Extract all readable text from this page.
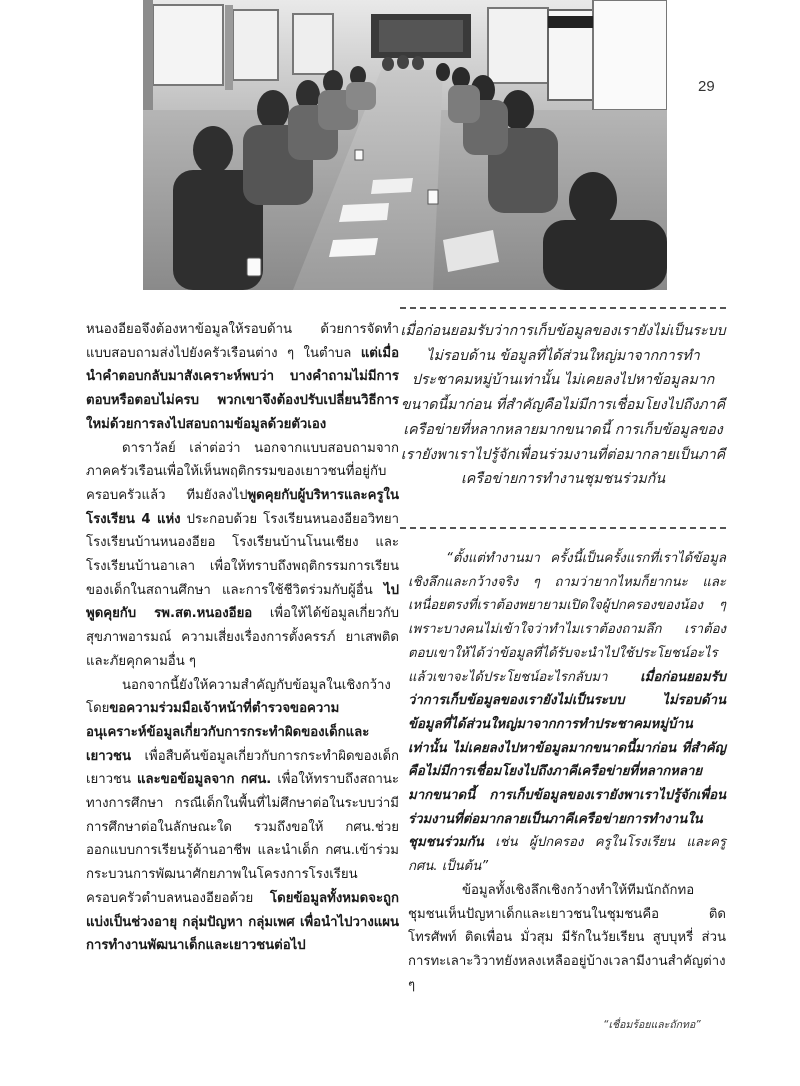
29

หนองอียอจึงต้องหาข้อมูลให้รอบด้าน ด้วยการจัดทำแบบสอบถามส่งไปยังครัวเรือนต่าง ๆ ในตำบล แต่เมื่อนำคำตอบกลับมาสังเคราะห์พบว่า บางคำถามไม่มีการตอบหรือตอบไม่ครบ พวกเขาจึงต้องปรับเปลี่ยนวิธีการใหม่ด้วยการลงไปสอบถามข้อมูลด้วยตัวเอง

ดาราวัลย์ เล่าต่อว่า นอกจากแบบสอบถามจากภาคครัวเรือนเพื่อให้เห็นพฤติกรรมของเยาวชนที่อยู่กับครอบครัวแล้ว ทีมยังลงไปพูดคุยกับผู้บริหารและครูในโรงเรียน 4 แห่ง ประกอบด้วย โรงเรียนหนองอียอวิทยา โรงเรียนบ้านหนองอียอ โรงเรียนบ้านโนนเชียง และโรงเรียนบ้านอาเลา เพื่อให้ทราบถึงพฤติกรรมการเรียนของเด็กในสถานศึกษา และการใช้ชีวิตร่วมกับผู้อื่น ไปพูดคุยกับ รพ.สต.หนองอียอ เพื่อให้ได้ข้อมูลเกี่ยวกับสุขภาพอารมณ์ ความเสี่ยงเรื่องการตั้งครรภ์ ยาเสพติด และภัยคุกคามอื่น ๆ

นอกจากนี้ยังให้ความสำคัญกับข้อมูลในเชิงกว้างโดยขอความร่วมมือเจ้าหน้าที่ตำรวจขอความอนุเคราะห์ข้อมูลเกี่ยวกับการกระทำผิดของเด็กและเยาวชน เพื่อสืบค้นข้อมูลเกี่ยวกับการกระทำผิดของเด็กเยาวชน และขอข้อมูลจาก กศน. เพื่อให้ทราบถึงสถานะทางการศึกษา กรณีเด็กในพื้นที่ไม่ศึกษาต่อในระบบว่ามีการศึกษาต่อในลักษณะใด รวมถึงขอให้ กศน.ช่วยออกแบบการเรียนรู้ด้านอาชีพ และนำเด็ก กศน.เข้าร่วมกระบวนการพัฒนาศักยภาพในโครงการโรงเรียนครอบครัวตำบลหนองอียอด้วย โดยข้อมูลทั้งหมดจะถูกแบ่งเป็นช่วงอายุ กลุ่มปัญหา กลุ่มเพศ เพื่อนำไปวางแผนการทำงานพัฒนาเด็กและเยาวชนต่อไป

เมื่อก่อนยอมรับว่าการเก็บข้อมูลของเรายังไม่เป็นระบบ ไม่รอบด้าน ข้อมูลที่ได้ส่วนใหญ่มาจากการทำประชาคมหมู่บ้านเท่านั้น ไม่เคยลงไปหาข้อมูลมากขนาดนี้มาก่อน ที่สำคัญคือไม่มีการเชื่อมโยงไปถึงภาคีเครือข่ายที่หลากหลายมากขนาดนี้ การเก็บข้อมูลของเรายังพาเราไปรู้จักเพื่อนร่วมงานที่ต่อมากลายเป็นภาคีเครือข่ายการทำงานชุมชนร่วมกัน

“ตั้งแต่ทำงานมา ครั้งนี้เป็นครั้งแรกที่เราได้ข้อมูลเชิงลึกและกว้างจริง ๆ ถามว่ายากไหมก็ยากนะ และเหนื่อยตรงที่เราต้องพยายามเปิดใจผู้ปกครองของน้อง ๆ เพราะบางคนไม่เข้าใจว่าทำไมเราต้องถามลึก เราต้องตอบเขาให้ได้ว่าข้อมูลที่ได้รับจะนำไปใช้ประโยชน์อะไร แล้วเขาจะได้ประโยชน์อะไรกลับมา เมื่อก่อนยอมรับว่าการเก็บข้อมูลของเรายังไม่เป็นระบบ ไม่รอบด้าน ข้อมูลที่ได้ส่วนใหญ่มาจากการทำประชาคมหมู่บ้านเท่านั้น ไม่เคยลงไปหาข้อมูลมากขนาดนี้มาก่อน ที่สำคัญคือไม่มีการเชื่อมโยงไปถึงภาคีเครือข่ายที่หลากหลายมากขนาดนี้ การเก็บข้อมูลของเรายังพาเราไปรู้จักเพื่อนร่วมงานที่ต่อมากลายเป็นภาคีเครือข่ายการทำงานในชุมชนร่วมกัน เช่น ผู้ปกครอง ครูในโรงเรียน และครู กศน. เป็นต้น”

ข้อมูลทั้งเชิงลึกเชิงกว้างทำให้ทีมนักถักทอชุมชนเห็นปัญหาเด็กและเยาวชนในชุมชนคือ ติดโทรศัพท์ ติดเพื่อน มั่วสุม มีรักในวัยเรียน สูบบุหรี่ ส่วนการทะเลาะวิวาทยังหลงเหลืออยู่บ้างเวลามีงานสำคัญต่าง ๆ

“เชื่อมร้อยและถักทอ”
